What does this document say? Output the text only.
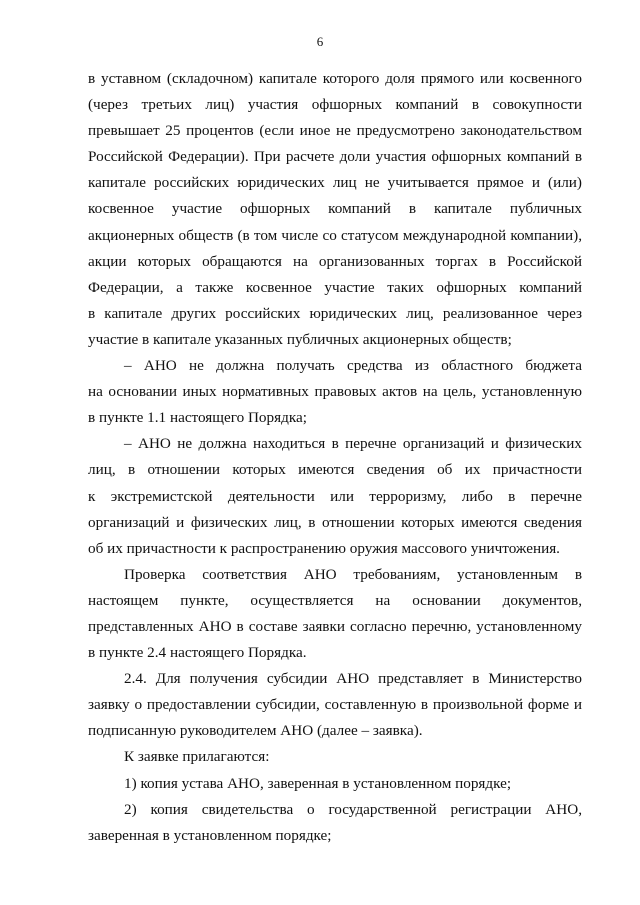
6
в уставном (складочном) капитале которого доля прямого или косвенного
(через третьих лиц) участия офшорных компаний в совокупности
превышает 25 процентов (если иное не предусмотрено законодательством
Российской Федерации). При расчете доли участия офшорных компаний в
капитале российских юридических лиц не учитывается прямое и (или)
косвенное участие офшорных компаний в капитале публичных
акционерных обществ (в том числе со статусом международной компании),
акции которых обращаются на организованных торгах в Российской
Федерации, а также косвенное участие таких офшорных компаний
в капитале других российских юридических лиц, реализованное через
участие в капитале указанных публичных акционерных обществ;
– АНО не должна получать средства из областного бюджета
на основании иных нормативных правовых актов на цель, установленную
в пункте 1.1 настоящего Порядка;
– АНО не должна находиться в перечне организаций и физических
лиц, в отношении которых имеются сведения об их причастности
к экстремистской деятельности или терроризму, либо в перечне
организаций и физических лиц, в отношении которых имеются сведения
об их причастности к распространению оружия массового уничтожения.
Проверка соответствия АНО требованиям, установленным в
настоящем пункте, осуществляется на основании документов,
представленных АНО в составе заявки согласно перечню, установленному
в пункте 2.4 настоящего Порядка.
2.4. Для получения субсидии АНО представляет в Министерство
заявку о предоставлении субсидии, составленную в произвольной форме и
подписанную руководителем АНО (далее – заявка).
К заявке прилагаются:
1) копия устава АНО, заверенная в установленном порядке;
2) копия свидетельства о государственной регистрации АНО,
заверенная в установленном порядке;
